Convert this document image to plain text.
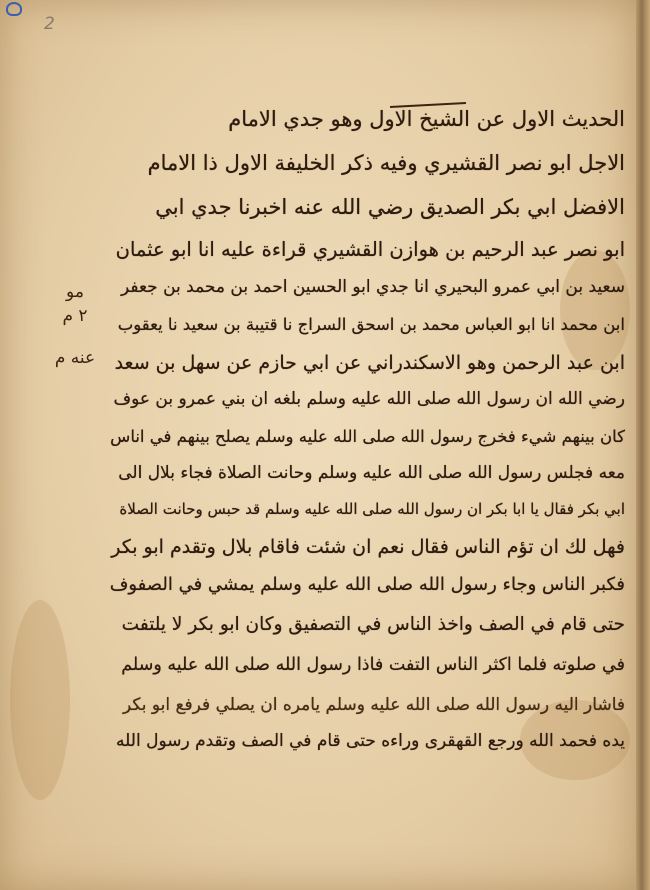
2
مو
۲ م
عنه م
الحديث الاول عن الشيخ الاول وهو جدي الامام
الاجل ابو نصر القشيري وفيه ذكر الخليفة الاول ذا الامام
الافضل ابي بكر الصديق رضي الله عنه اخبرنا جدي ابي
ابو نصر عبد الرحيم بن هوازن القشيري قراءة عليه انا ابو عثمان
سعيد بن ابي عمرو البحيري انا جدي ابو الحسين احمد بن محمد بن جعفر
ابن محمد انا ابو العباس محمد بن اسحق السراج نا قتيبة بن سعيد نا يعقوب
ابن عبد الرحمن وهو الاسكندراني عن ابي حازم عن سهل بن سعد
رضي الله ان رسول الله صلى الله عليه وسلم بلغه ان بني عمرو بن عوف
كان بينهم شيء فخرج رسول الله صلى الله عليه وسلم يصلح بينهم في اناس
معه فجلس رسول الله صلى الله عليه وسلم وحانت الصلاة فجاء بلال الى
ابي بكر فقال يا ابا بكر ان رسول الله صلى الله عليه وسلم قد حبس وحانت الصلاة
فهل لك ان تؤم الناس فقال نعم ان شئت فاقام بلال وتقدم ابو بكر
فكبر الناس وجاء رسول الله صلى الله عليه وسلم يمشي في الصفوف
حتى قام في الصف واخذ الناس في التصفيق وكان ابو بكر لا يلتفت
في صلوته فلما اكثر الناس التفت فاذا رسول الله صلى الله عليه وسلم
فاشار اليه رسول الله صلى الله عليه وسلم يامره ان يصلي فرفع ابو بكر
يده فحمد الله ورجع القهقرى وراءه حتى قام في الصف وتقدم رسول الله
